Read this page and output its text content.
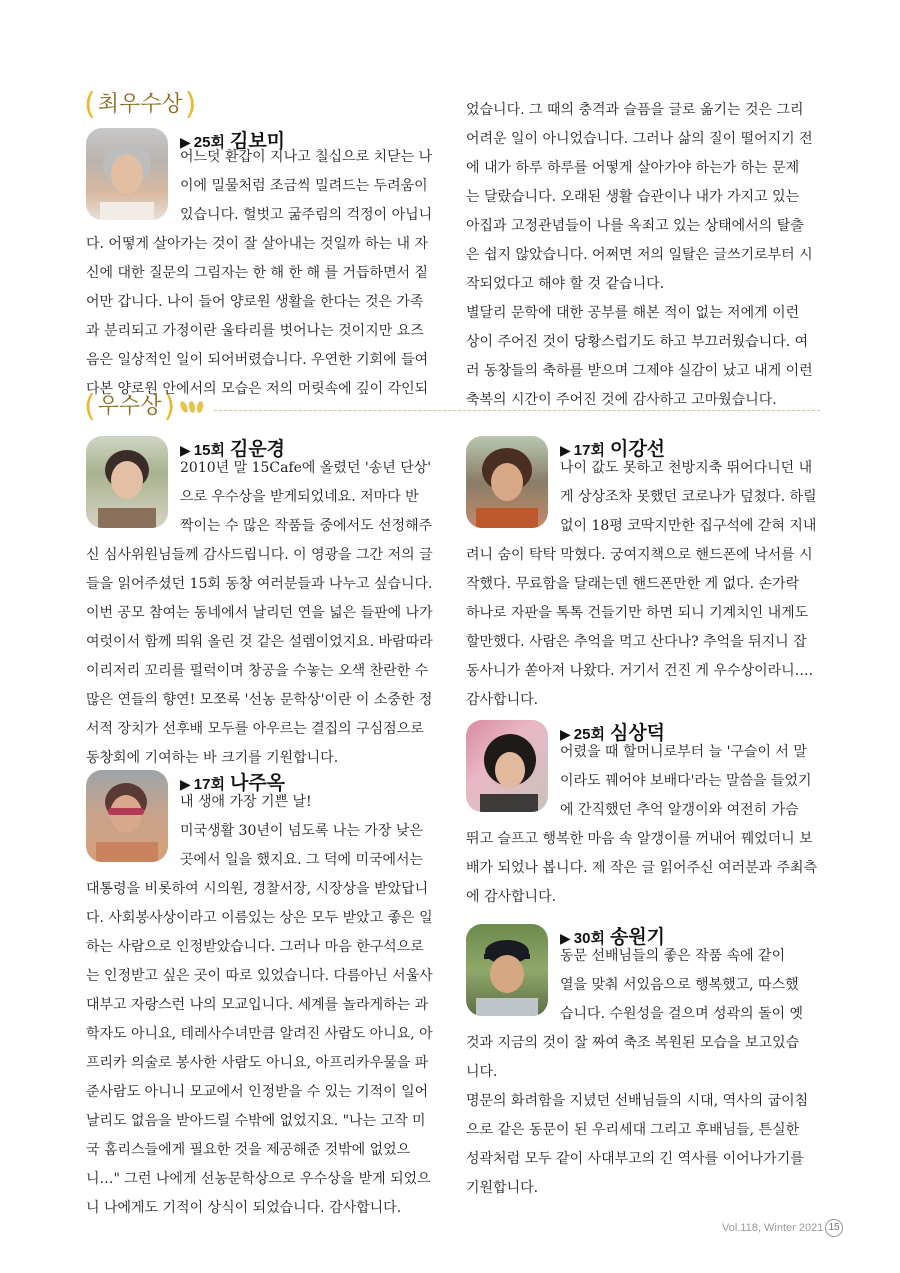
( 최우수상 )
( 우수상 )
▶ 25회 김보미
어느덧 환갑이 지나고 칠십으로 치닫는 나
이에 밀물처럼 조금씩 밀려드는 두려움이
있습니다. 헐벗고 굶주림의 걱정이 아닙니
다. 어떻게 살아가는 것이 잘 살아내는 것일까 하는 내 자
신에 대한 질문의 그림자는 한 해 한 해 를 거듭하면서 짙
어만 갑니다. 나이 들어 양로원 생활을 한다는 것은 가족
과 분리되고 가정이란 울타리를 벗어나는 것이지만 요즈
음은 일상적인 일이 되어버렸습니다. 우연한 기회에 들여
다본 양로원 안에서의 모습은 저의 머릿속에 깊이 각인되
었습니다. 그 때의 충격과 슬픔을 글로 옮기는 것은 그리
어려운 일이 아니었습니다. 그러나 삶의 질이 떨어지기 전
에 내가 하루 하루를 어떻게 살아가야 하는가 하는 문제
는 달랐습니다. 오래된 생활 습관이나 내가 가지고 있는
아집과 고정관념들이 나를 옥죄고 있는 상태에서의 탈출
은 쉽지 않았습니다. 어쩌면 저의 일탈은 글쓰기로부터 시
작되었다고 해야 할 것 같습니다.
별달리 문학에 대한 공부를 해본 적이 없는 저에게 이런
상이 주어진 것이 당황스럽기도 하고 부끄러웠습니다. 여
러 동창들의 축하를 받으며 그제야 실감이 났고 내게 이런
축복의 시간이 주어진 것에 감사하고 고마웠습니다.
▶ 15회 김운경
2010년 말 15Cafe에 올렸던 '송년 단상'
으로 우수상을 받게되었네요. 저마다 반
짝이는 수 많은 작품들 중에서도 선정해주
신 심사위원님들께 감사드립니다. 이 영광을 그간 저의 글
들을 읽어주셨던 15회 동창 여러분들과 나누고 싶습니다.
이번 공모 참여는 동네에서 날리던 연을 넓은 들판에 나가
여럿이서 함께 띄워 올린 것 같은 설렘이었지요. 바람따라
이리저리 꼬리를 펄럭이며 창공을 수놓는 오색 찬란한 수
많은 연들의 향연! 모쪼록 '선농 문학상'이란 이 소중한 정
서적 장치가 선후배 모두를 아우르는 결집의 구심점으로
동창회에 기여하는 바 크기를 기원합니다.
▶ 17회 나주옥
내 생애 가장 기쁜 날!
미국생활 30년이 넘도록 나는 가장 낮은
곳에서 일을 했지요. 그 덕에 미국에서는
대통령을 비롯하여 시의원, 경찰서장, 시장상을 받았답니
다. 사회봉사상이라고 이름있는 상은 모두 받았고 좋은 일
하는 사람으로 인정받았습니다. 그러나 마음 한구석으로
는 인정받고 싶은 곳이 따로 있었습니다. 다름아닌 서울사
대부고 자랑스런 나의 모교입니다. 세계를 놀라게하는 과
학자도 아니요, 테레사수녀만큼 알려진 사람도 아니요, 아
프리카 의술로 봉사한 사람도 아니요, 아프리카우물을 파
준사람도 아니니 모교에서 인정받을 수 있는 기적이 일어
날리도 없음을 받아드릴 수밖에 없었지요. "나는 고작 미
국 홈리스들에게 필요한 것을 제공해준 것밖에 없었으
니…" 그런 나에게 선농문학상으로 우수상을 받게 되었으
니 나에게도 기적이 상식이 되었습니다. 감사합니다.
▶ 17회 이강선
나이 값도 못하고 천방지축 뛰어다니던 내
게 상상조차 못했던 코로나가 덮쳤다. 하릴
없이 18평 코딱지만한 집구석에 갇혀 지내
려니 숨이 탁탁 막혔다. 궁여지책으로 핸드폰에 낙서를 시
작했다. 무료함을 달래는덴 핸드폰만한 게 없다. 손가락
하나로 자판을 톡톡 건들기만 하면 되니 기계치인 내게도
할만했다. 사람은 추억을 먹고 산다나? 추억을 뒤지니 잡
동사니가 쏟아져 나왔다. 거기서 건진 게 우수상이라니….
감사합니다.
▶ 25회 심상덕
어렸을 때 할머니로부터 늘 '구슬이 서 말
이라도 꿰어야 보배다'라는 말씀을 들었기
에 간직했던 추억 알갱이와 여전히 가슴
뛰고 슬프고 행복한 마음 속 알갱이를 꺼내어 꿰었더니 보
배가 되었나 봅니다. 제 작은 글 읽어주신 여러분과 주최측
에 감사합니다.
▶ 30회 송원기
동문 선배님들의 좋은 작품 속에 같이
열을 맞춰 서있음으로 행복했고, 따스했
습니다. 수원성을 걸으며 성곽의 돌이 옛
것과 지금의 것이 잘 짜여 축조 복원된 모습을 보고있습
니다.
명문의 화려함을 지녔던 선배님들의 시대, 역사의 굽이침
으로 같은 동문이 된 우리세대 그리고 후배님들, 튼실한
성곽처럼 모두 같이 사대부고의 긴 역사를 이어나가기를
기원합니다.
Vol.118, Winter 2021 15
